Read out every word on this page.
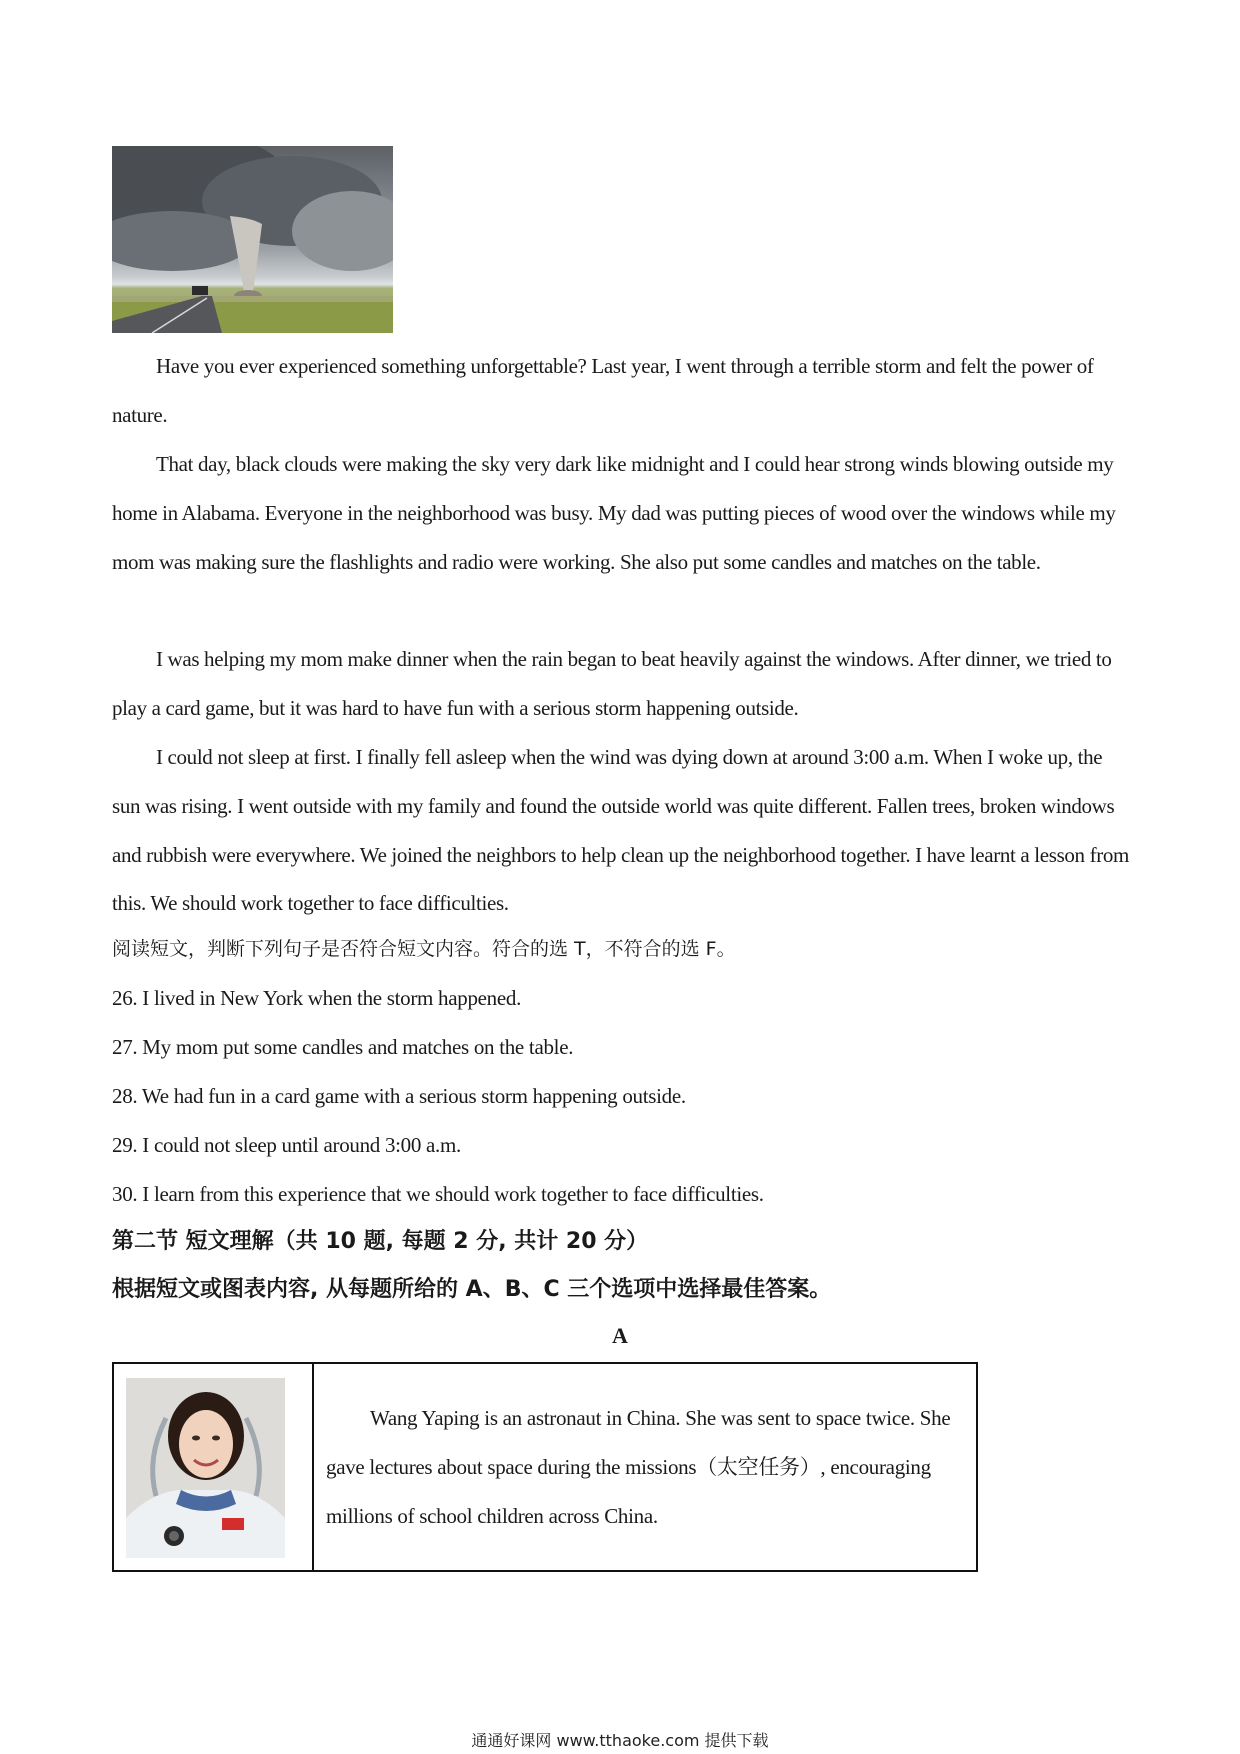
Have you ever experienced something unforgettable? Last year, I went through a terrible storm and felt the power of nature.

That day, black clouds were making the sky very dark like midnight and I could hear strong winds blowing outside my home in Alabama. Everyone in the neighborhood was busy. My dad was putting pieces of wood over the windows while my mom was making sure the flashlights and radio were working. She also put some candles and matches on the table.

I was helping my mom make dinner when the rain began to beat heavily against the windows. After dinner, we tried to play a card game, but it was hard to have fun with a serious storm happening outside.

I could not sleep at first. I finally fell asleep when the wind was dying down at around 3:00 a.m. When I woke up, the sun was rising. I went outside with my family and found the outside world was quite different. Fallen trees, broken windows and rubbish were everywhere. We joined the neighbors to help clean up the neighborhood together. I have learnt a lesson from this. We should work together to face difficulties.

阅读短文，判断下列句子是否符合短文内容。符合的选 T，不符合的选 F。
26. I lived in New York when the storm happened.
27. My mom put some candles and matches on the table.
28. We had fun in a card game with a serious storm happening outside.
29. I could not sleep until around 3:00 a.m.
30. I learn from this experience that we should work together to face difficulties.
第二节 短文理解（共 10 题, 每题 2 分, 共计 20 分）
根据短文或图表内容, 从每题所给的 A、B、C 三个选项中选择最佳答案。
A

Wang Yaping is an astronaut in China. She was sent to space twice. She gave lectures about space during the missions（太空任务）, encouraging millions of school children across China.

通通好课网 www.tthaoke.com 提供下载
